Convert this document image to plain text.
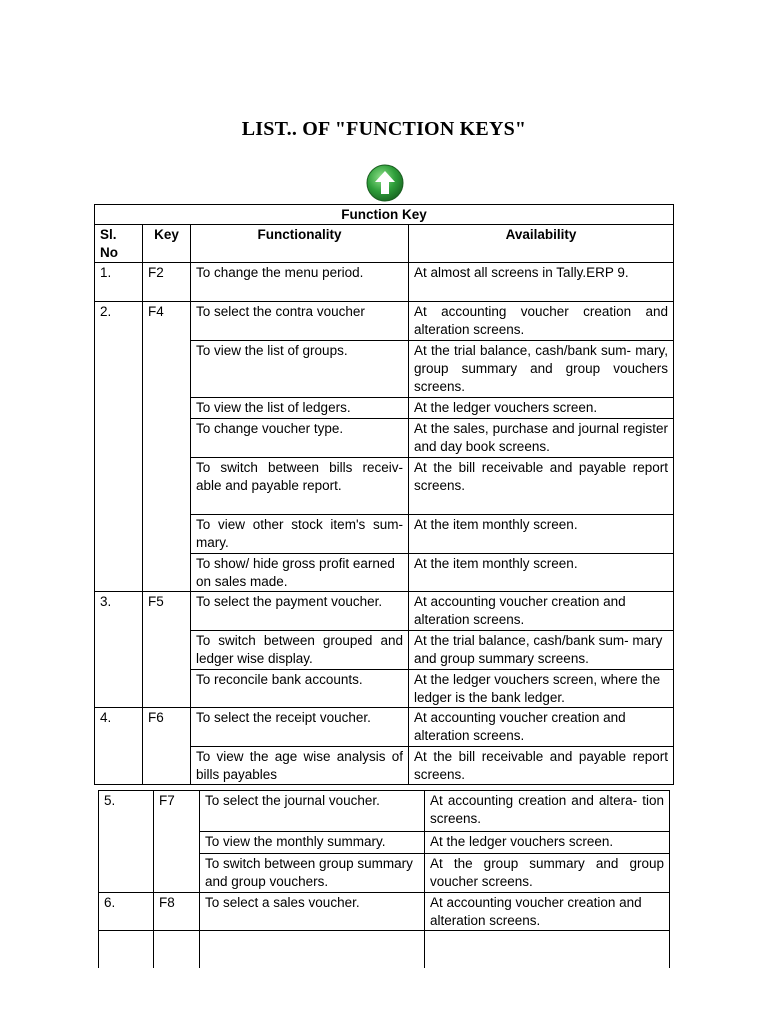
LIST.. OF "FUNCTION KEYS"
Function Key			
Sl. No	Key	Functionality	Availability
1.	F2	To change the menu period.	At almost all screens in Tally.ERP 9.
2.	F4	To select the contra voucher	At accounting voucher creation and alteration screens.
		To view the list of groups.	At the trial balance, cash/bank sum- mary, group summary and group vouchers screens.
		To view the list of ledgers.	At the ledger vouchers screen.
		To change voucher type.	At the sales, purchase and journal register and day book screens.
		To switch between bills receiv- able and payable report.	At the bill receivable and payable report screens.
		To view other stock item's sum- mary.	At the item monthly screen.
		To show/ hide gross profit earned on sales made.	At the item monthly screen.
3.	F5	To select the payment voucher.	At accounting voucher creation and alteration screens.
		To switch between grouped and ledger wise display.	At the trial balance, cash/bank sum- mary and group summary screens.
		To reconcile bank accounts.	At the ledger vouchers screen, where the ledger is the bank ledger.
4.	F6	To select the receipt voucher.	At accounting voucher creation and alteration screens.
		To view the age wise analysis of bills payables	At the bill receivable and payable report screens.
5.	F7	To select the journal voucher.	At accounting creation and altera- tion screens.
		To view the monthly summary.	At the ledger vouchers screen.
		To switch between group summary and group vouchers.	At the group summary and group voucher screens.
6.	F8	To select a sales voucher.	At accounting voucher creation and alteration screens.
